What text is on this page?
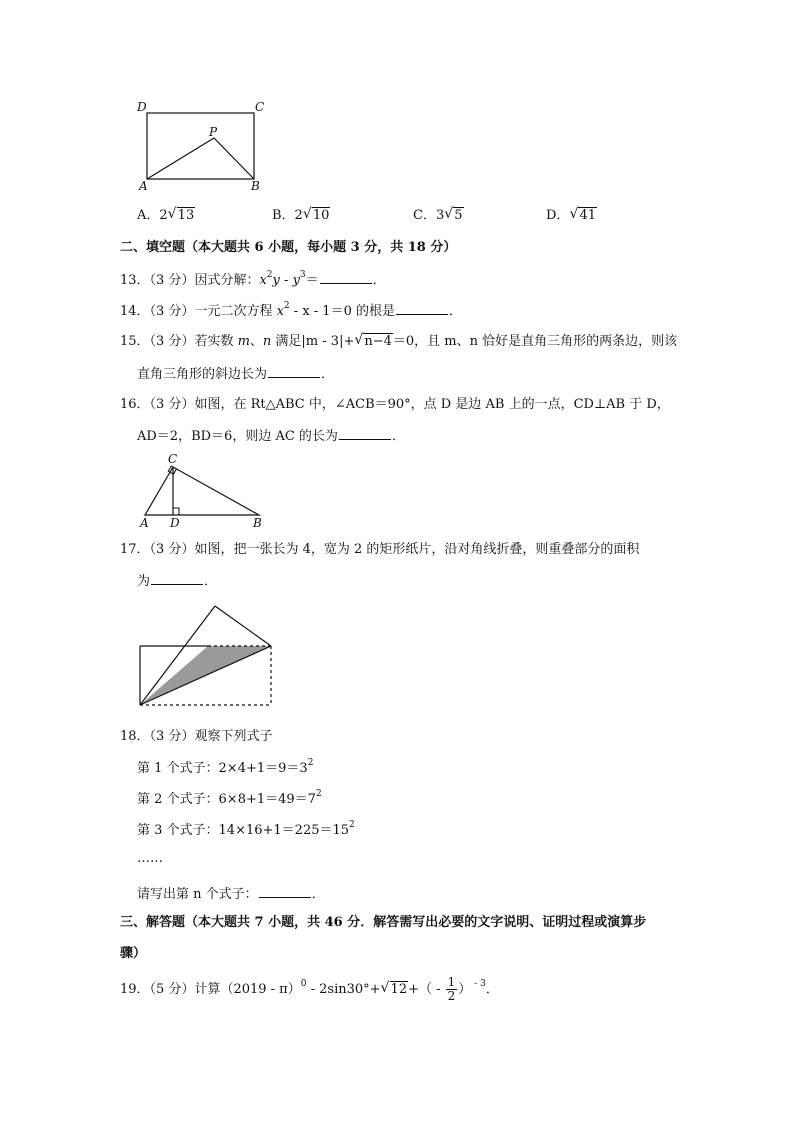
D	C
P
A	B
A．2 √ 13	B．2 √ 10	C．3 √ 5	D． √ 41
二、填空题（本大题共 6 小题，每小题 3 分，共 18 分）
13．（3 分）因式分解：$x^2y - y^3=$	．
14．（3 分）一元二次方程 $x^2 - x - 1=0$ 的根是	．
15．（3 分）若实数 m、n 满足|m - 3|+ √ n−4＝0，且 m、n 恰好是直角三角形的两条边，则该
直角三角形的斜边长为	．
16．（3 分）如图，在 Rt△ABC 中，∠ACB＝90°，点 D 是边 AB 上的一点，CD⊥AB 于 D，
AD＝2，BD＝6，则边 AC 的长为	．
C
A D	B
17．（3 分）如图，把一张长为 4，宽为 2 的矩形纸片，沿对角线折叠，则重叠部分的面积
为	．
18．（3 分）观察下列式子
第 1 个式子：$2\times 4+1=9=3^2$
第 2 个式子：$6\times 8+1=49=7^2$
第 3 个式子：$14\times 16+1=225=15^2$
……
请写出第 n 个式子：	．
三、解答题（本大题共 7 小题，共 46 分．解答需写出必要的文字说明、证明过程或演算步
骤）
19．（5 分）计算（2019 - π）$^0$ - 2sin30°+ √ $12+( - \frac{1}{2}$ ） $^{- 3}$．
